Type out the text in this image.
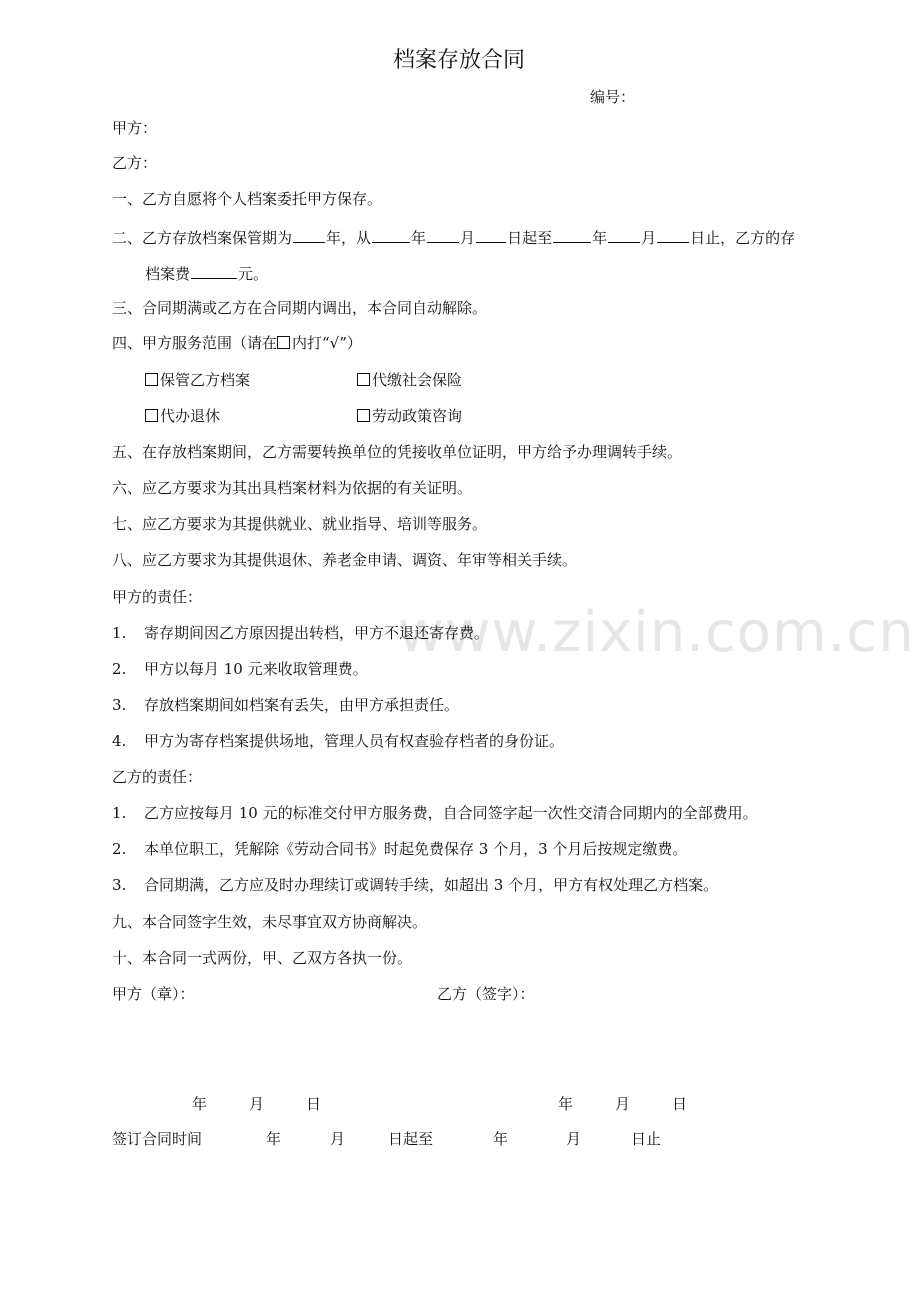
www.zixin.com.cn
档案存放合同
编号：
甲方：
乙方：
一、乙方自愿将个人档案委托甲方保存。
二、乙方存放档案保管期为 年，从	年 月 日起至	年 月 日止，乙方的存
档案费	元。
三、合同期满或乙方在合同期内调出，本合同自动解除。
四、甲方服务范围（请在 内打“√”）
保管乙方档案	代缴社会保险
代办退休	劳动政策咨询
五、在存放档案期间，乙方需要转换单位的凭接收单位证明，甲方给予办理调转手续。
六、应乙方要求为其出具档案材料为依据的有关证明。
七、应乙方要求为其提供就业、就业指导、培训等服务。
八、应乙方要求为其提供退休、养老金申请、调资、年审等相关手续。
甲方的责任：
1. 寄存期间因乙方原因提出转档，甲方不退还寄存费。
2. 甲方以每月 10 元来收取管理费。
3. 存放档案期间如档案有丢失，由甲方承担责任。
4. 甲方为寄存档案提供场地，管理人员有权查验存档者的身份证。
乙方的责任：
1. 乙方应按每月 10 元的标准交付甲方服务费，自合同签字起一次性交清合同期内的全部费用。
2. 本单位职工，凭解除《劳动合同书》时起免费保存 3 个月，3 个月后按规定缴费。
3. 合同期满，乙方应及时办理续订或调转手续，如超出 3 个月，甲方有权处理乙方档案。
九、本合同签字生效，未尽事宜双方协商解决。
十、本合同一式两份，甲、乙双方各执一份。
甲方（章）：	乙方（签字）：
年	月	日	年	月	日
签订合同时间	年	月	日起至	年	月	日止
